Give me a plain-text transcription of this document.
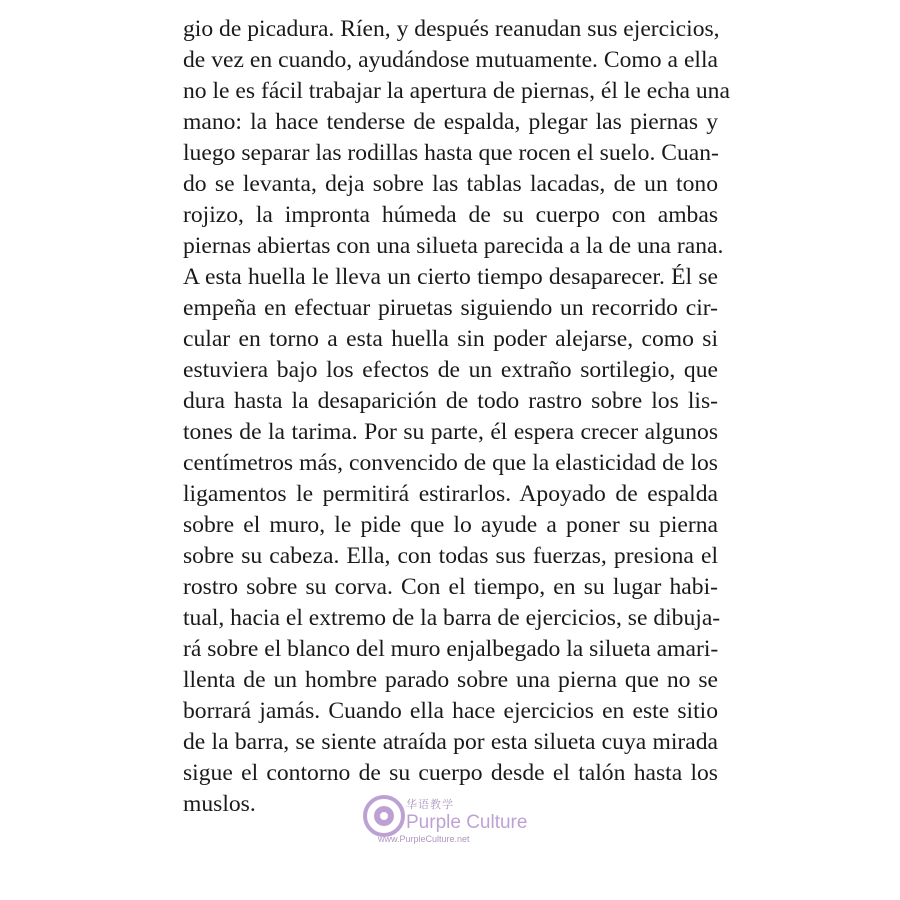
gio de picadura. Ríen, y después reanudan sus ejercicios,
de vez en cuando, ayudándose mutuamente. Como a ella
no le es fácil trabajar la apertura de piernas, él le echa una
mano: la hace tenderse de espalda, plegar las piernas y
luego separar las rodillas hasta que rocen el suelo. Cuan-
do se levanta, deja sobre las tablas lacadas, de un tono
rojizo, la impronta húmeda de su cuerpo con ambas
piernas abiertas con una silueta parecida a la de una rana.
A esta huella le lleva un cierto tiempo desaparecer. Él se
empeña en efectuar piruetas siguiendo un recorrido cir-
cular en torno a esta huella sin poder alejarse, como si
estuviera bajo los efectos de un extraño sortilegio, que
dura hasta la desaparición de todo rastro sobre los lis-
tones de la tarima. Por su parte, él espera crecer algunos
centímetros más, convencido de que la elasticidad de los
ligamentos le permitirá estirarlos. Apoyado de espalda
sobre el muro, le pide que lo ayude a poner su pierna
sobre su cabeza. Ella, con todas sus fuerzas, presiona el
rostro sobre su corva. Con el tiempo, en su lugar habi-
tual, hacia el extremo de la barra de ejercicios, se dibuja-
rá sobre el blanco del muro enjalbegado la silueta amari-
llenta de un hombre parado sobre una pierna que no se
borrará jamás. Cuando ella hace ejercicios en este sitio
de la barra, se siente atraída por esta silueta cuya mirada
sigue el contorno de su cuerpo desde el talón hasta los
muslos.	华语教学
Purple Culture
www.PurpleCulture.net
